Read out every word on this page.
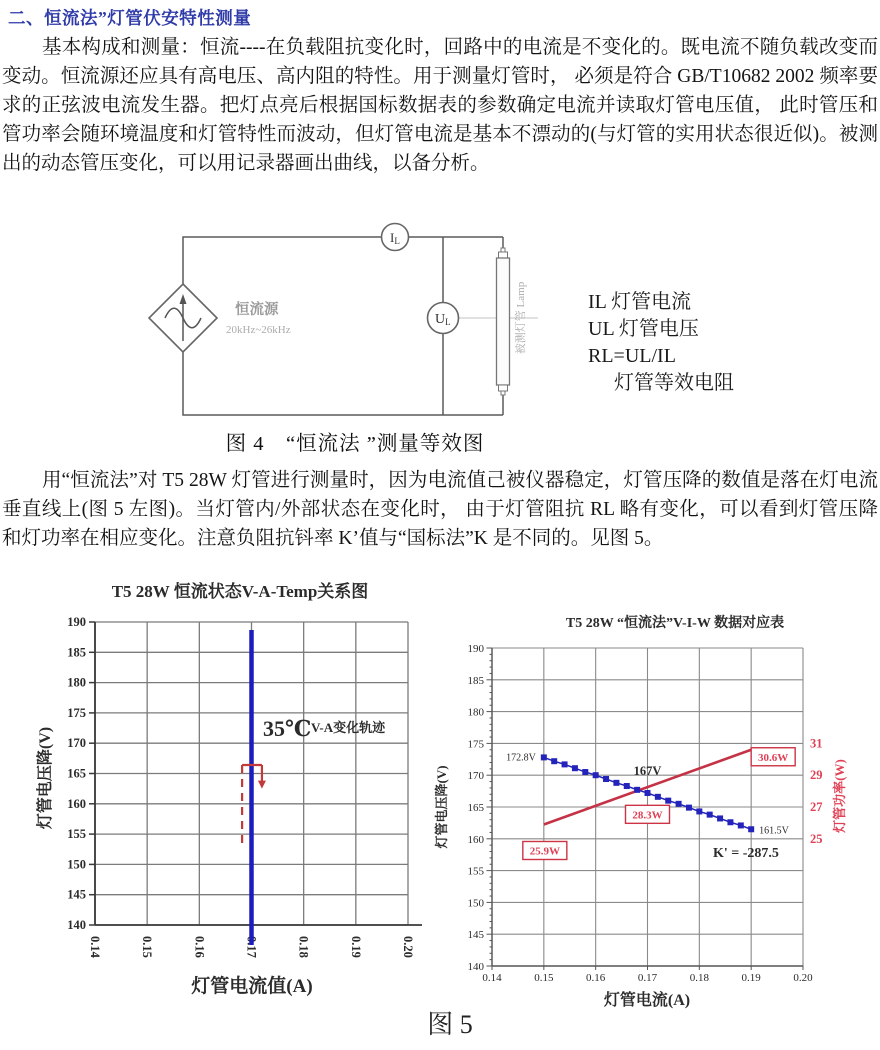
二、恒流法”灯管伏安特性测量
基本构成和测量：恒流----在负载阻抗变化时，回路中的电流是不变化的。既电流不随负载改变而变动。恒流源还应具有高电压、高内阻的特性。用于测量灯管时， 必须是符合 GB/T10682 2002 频率要求的正弦波电流发生器。把灯点亮后根据国标数据表的参数确定电流并读取灯管电压值， 此时管压和管功率会随环境温度和灯管特性而波动，但灯管电流是基本不漂动的(与灯管的实用状态很近似)。被测出的动态管压变化，可以用记录器画出曲线，以备分析。
IL
UL
恒流源
20kHz~26kHz	被测灯管 Lamp	IL 灯管电流
UL 灯管电压
RL=UL/IL
灯管等效电阻
图 4　“恒流法 ”测量等效图
用“恒流法”对 T5 28W 灯管进行测量时，因为电流值己被仪器稳定，灯管压降的数值是落在灯电流垂直线上(图 5 左图)。当灯管内/外部状态在变化时， 由于灯管阻抗 RL 略有变化，可以看到灯管压降和灯功率在相应变化。注意负阻抗钭率 K’值与“国标法”K 是不同的。见图 5。
190
185
180
175
170
165
160
155
150
145
140
0.14	0.15	0.16	0.17	0.18	0.19	0.20
T5 28W 恒流状态V-A-Temp关系图
灯管电流值(A)
灯管电压降(V)	35℃ V-A变化轨迹
190
185
180
175
170
165
160
155
150
145
140
0.14	0.15	0.16	0.17	0.18	0.19	0.20
31
29
27
25
T5 28W “恒流法”V-I-W 数据对应表
灯管电流(A)
灯管电压降(V)	灯管功率(W)
172.8V
161.5V
167V
25.9W
28.3W
30.6W
K' = -287.5
图 5
